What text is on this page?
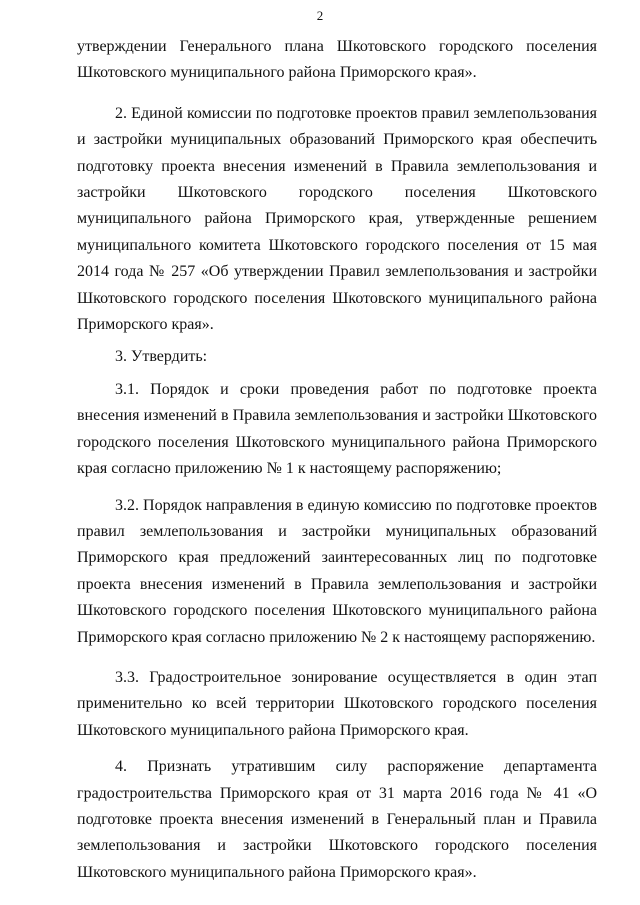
2

утверждении Генерального плана Шкотовского городского поселения Шкотовского муниципального района Приморского края».

2. Единой комиссии по подготовке проектов правил землепользования и застройки муниципальных образований Приморского края обеспечить подготовку проекта внесения изменений в Правила землепользования и застройки Шкотовского городского поселения Шкотовского муниципального района Приморского края, утвержденные решением муниципального комитета Шкотовского городского поселения от 15 мая 2014 года № 257 «Об утверждении Правил землепользования и застройки Шкотовского городского поселения Шкотовского муниципального района Приморского края».

3. Утвердить:

3.1. Порядок и сроки проведения работ по подготовке проекта внесения изменений в Правила землепользования и застройки Шкотовского городского поселения Шкотовского муниципального района Приморского края согласно приложению № 1 к настоящему распоряжению;

3.2. Порядок направления в единую комиссию по подготовке проектов правил землепользования и застройки муниципальных образований Приморского края предложений заинтересованных лиц по подготовке проекта внесения изменений в Правила землепользования и застройки Шкотовского городского поселения Шкотовского муниципального района Приморского края согласно приложению № 2 к настоящему распоряжению.

3.3. Градостроительное зонирование осуществляется в один этап применительно ко всей территории Шкотовского городского поселения Шкотовского муниципального района Приморского края.

4. Признать утратившим силу распоряжение департамента градостроительства Приморского края от 31 марта 2016 года № 41 «О подготовке проекта внесения изменений в Генеральный план и Правила землепользования и застройки Шкотовского городского поселения Шкотовского муниципального района Приморского края».
